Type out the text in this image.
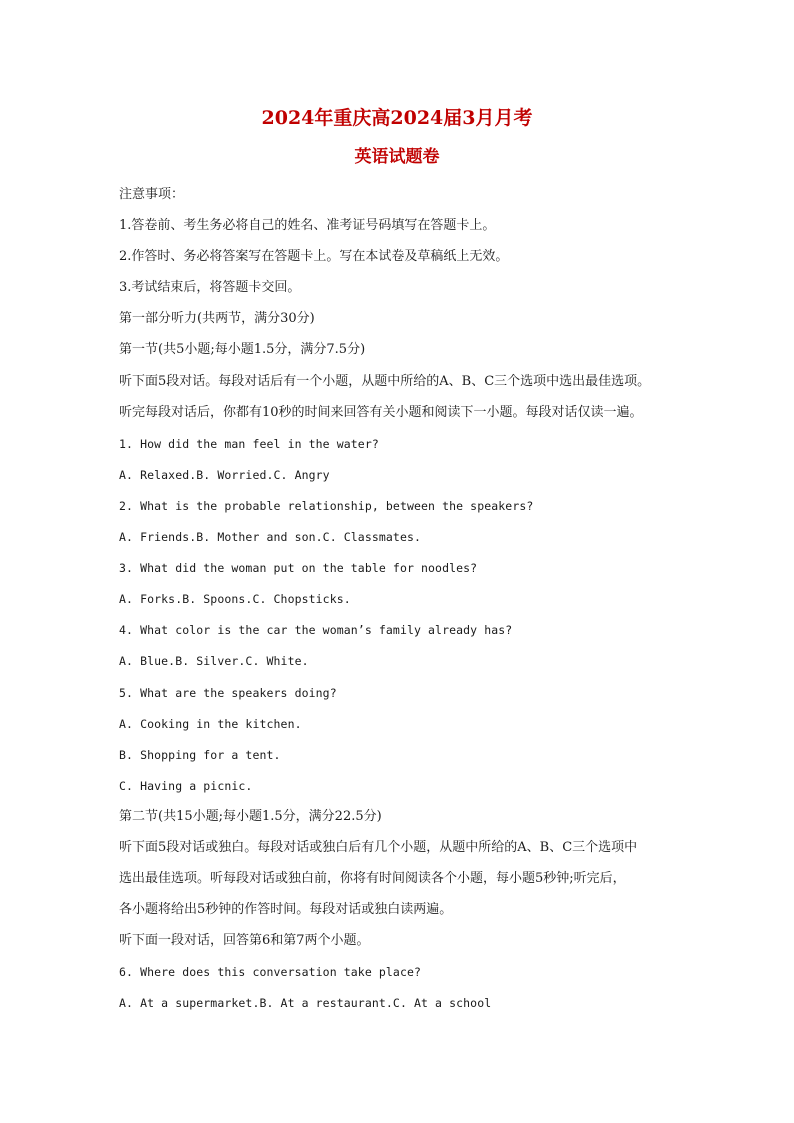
2024年重庆高2024届3月月考
英语试题卷
注意事项：
1.答卷前、考生务必将自己的姓名、准考证号码填写在答题卡上。
2.作答时、务必将答案写在答题卡上。写在本试卷及草稿纸上无效。
3.考试结束后，将答题卡交回。
第一部分听力(共两节，满分30分)
第一节(共5小题;每小题1.5分，满分7.5分)
听下面5段对话。每段对话后有一个小题，从题中所给的A、B、C三个选项中选出最佳选项。
听完每段对话后，你都有10秒的时间来回答有关小题和阅读下一小题。每段对话仅读一遍。
1. How did the man feel in the water?
A. Relaxed.B. Worried.C. Angry
2. What is the probable relationship, between the speakers?
A. Friends.B. Mother and son.C. Classmates.
3. What did the woman put on the table for noodles?
A. Forks.B. Spoons.C. Chopsticks.
4. What color is the car the woman’s family already has?
A. Blue.B. Silver.C. White.
5. What are the speakers doing?
A. Cooking in the kitchen.
B. Shopping for a tent.
C. Having a picnic.
第二节(共15小题;每小题1.5分，满分22.5分)
听下面5段对话或独白。每段对话或独白后有几个小题，从题中所给的A、B、C三个选项中
选出最佳选项。听每段对话或独白前，你将有时间阅读各个小题，每小题5秒钟;听完后，
各小题将给出5秒钟的作答时间。每段对话或独白读两遍。
听下面一段对话，回答第6和第7两个小题。
6. Where does this conversation take place?
A. At a supermarket.B. At a restaurant.C. At a school
